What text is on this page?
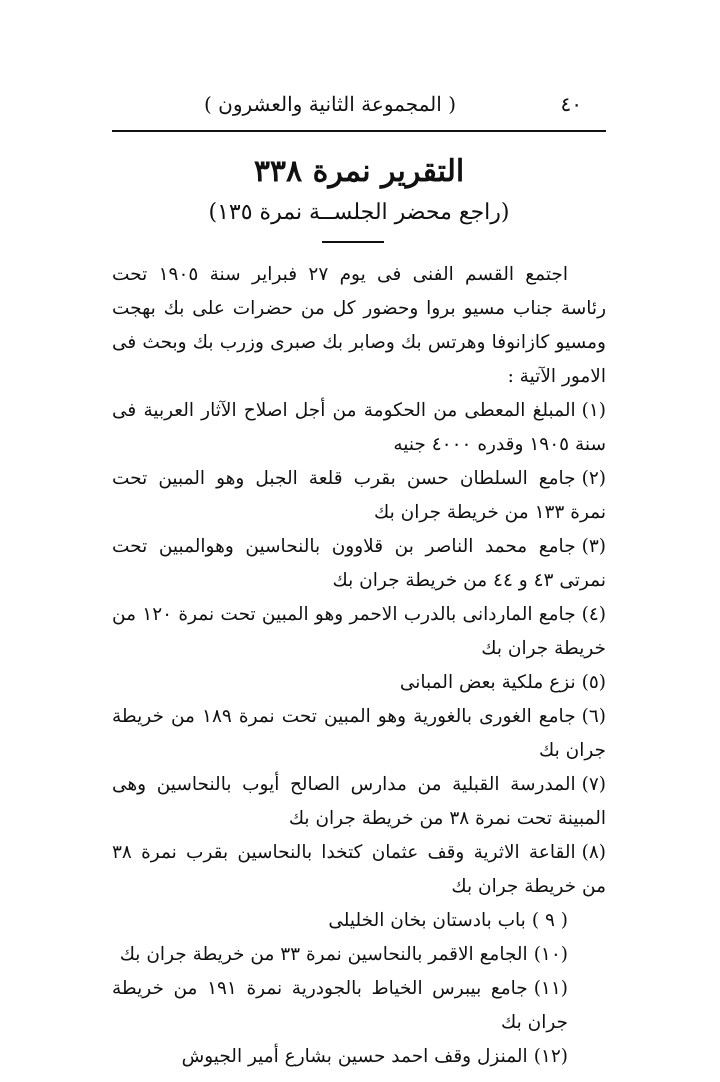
٤٠
( المجموعة الثانية والعشرون )
التقرير نمرة ٣٣٨
(راجع محضر الجلســة نمرة ١٣٥)

اجتمع القسم الفنى فى يوم ٢٧ فبراير سنة ١٩٠٥ تحت رئاسة جناب مسيو بروا وحضور كل من حضرات على بك بهجت ومسيو كازانوفا وهرتس بك وصابر بك صبرى وزرب بك وبحث فى الامور الآتية :

(١)المبلغ المعطى من الحكومة من أجل اصلاح الآثار العربية فى سنة ١٩٠٥ وقدره ٤٠٠٠ جنيه

(٢)جامع السلطان حسن بقرب قلعة الجبل وهو المبين تحت نمرة ١٣٣ من خريطة جران بك

(٣)جامع محمد الناصر بن قلاوون بالنحاسين وهوالمبين تحت نمرتى ٤٣ و ٤٤ من خريطة جران بك

(٤)جامع الماردانى بالدرب الاحمر وهو المبين تحت نمرة ١٢٠ من خريطة جران بك

(٥)نزع ملكية بعض المبانى

(٦)جامع الغورى بالغورية وهو المبين تحت نمرة ١٨٩ من خريطة جران بك

(٧)المدرسة القبلية من مدارس الصالح أيوب بالنحاسين وهى المبينة تحت نمرة ٣٨ من خريطة جران بك

(٨)القاعة الاثرية وقف عثمان كتخدا بالنحاسين بقرب نمرة ٣٨ من خريطة جران بك

( ٩ )باب بادستان بخان الخليلى

(١٠)الجامع الاقمر بالنحاسين نمرة ٣٣ من خريطة جران بك

(١١)جامع بيبرس الخياط بالجودرية نمرة ١٩١ من خريطة جران بك

(١٢)المنزل وقف احمد حسين بشارع أمير الجيوش
